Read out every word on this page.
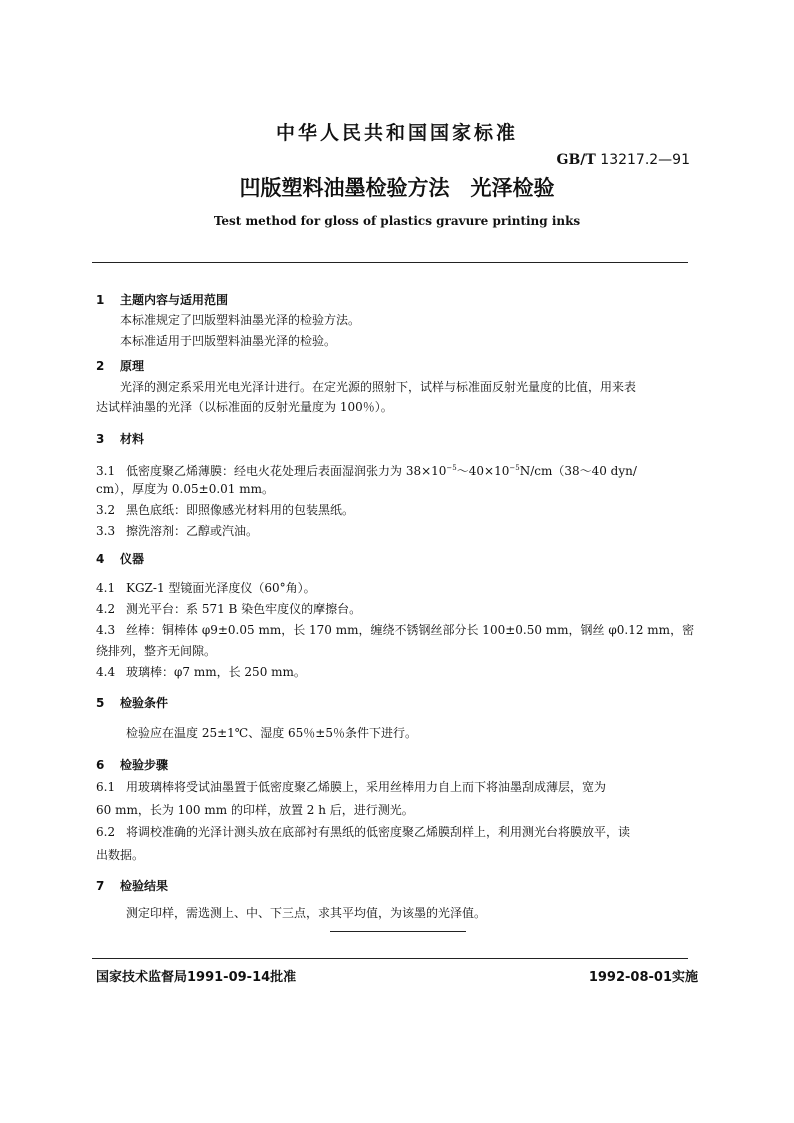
中华人民共和国国家标准
GB/T 13217.2—91
凹版塑料油墨检验方法　光泽检验
Test method for gloss of plastics gravure printing inks
1 主题内容与适用范围
本标准规定了凹版塑料油墨光泽的检验方法。
本标准适用于凹版塑料油墨光泽的检验。
2 原理
光泽的测定系采用光电光泽计进行。在定光源的照射下，试样与标准面反射光量度的比值，用来表
达试样油墨的光泽（以标准面的反射光量度为 100％）。
3 材料
3.1 低密度聚乙烯薄膜：经电火花处理后表面湿润张力为 $38\times 10^{-5}\sim 40\times 10^{-5}N/cm(38\sim 40$ dyn/
cm），厚度为 0.05±0.01 mm。
3.2 黑色底纸：即照像感光材料用的包装黑纸。
3.3 擦洗溶剂：乙醇或汽油。
4 仪器
4.1 KGZ-1 型镜面光泽度仪（60°角）。
4.2 测光平台：系 571 B 染色牢度仪的摩擦台。
4.3 丝棒：铜棒体 φ9±0.05 mm，长 170 mm，缠绕不锈钢丝部分长 100±0.50 mm，钢丝 φ0.12 mm，密
绕排列，整齐无间隙。
4.4 玻璃棒：φ7 mm，长 250 mm。
5 检验条件
检验应在温度 25±1℃、湿度 65％±5％条件下进行。
6 检验步骤
6.1 用玻璃棒将受试油墨置于低密度聚乙烯膜上，采用丝棒用力自上而下将油墨刮成薄层，宽为
60 mm，长为 100 mm 的印样，放置 2 h 后，进行测光。
6.2 将调校准确的光泽计测头放在底部衬有黑纸的低密度聚乙烯膜刮样上，利用测光台将膜放平，读
出数据。
7 检验结果
测定印样，需选测上、中、下三点，求其平均值，为该墨的光泽值。
国家技术监督局1991-09-14批准	1992-08-01实施
